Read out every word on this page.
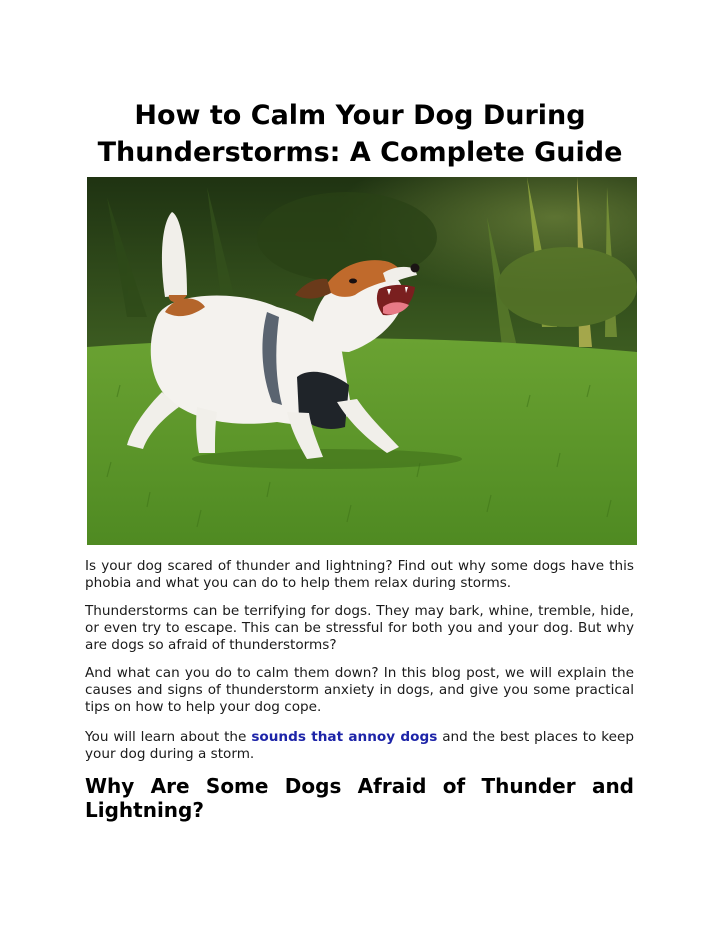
How to Calm Your Dog During Thunderstorms: A Complete Guide

Is your dog scared of thunder and lightning? Find out why some dogs have this phobia and what you can do to help them relax during storms.

Thunderstorms can be terrifying for dogs. They may bark, whine, tremble, hide, or even try to escape. This can be stressful for both you and your dog. But why are dogs so afraid of thunderstorms?

And what can you do to calm them down? In this blog post, we will explain the causes and signs of thunderstorm anxiety in dogs, and give you some practical tips on how to help your dog cope.

You will learn about the sounds that annoy dogs and the best places to keep your dog during a storm.

Why Are Some Dogs Afraid of Thunder and Lightning?
